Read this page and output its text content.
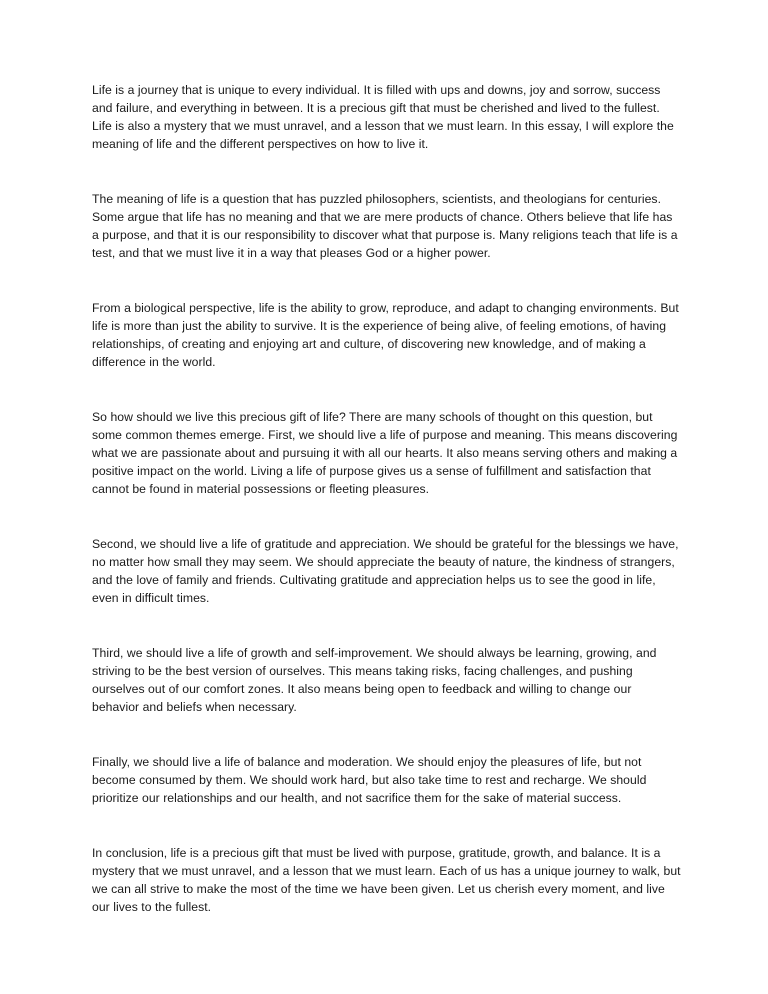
Life is a journey that is unique to every individual. It is filled with ups and downs, joy and sorrow, success and failure, and everything in between. It is a precious gift that must be cherished and lived to the fullest. Life is also a mystery that we must unravel, and a lesson that we must learn. In this essay, I will explore the meaning of life and the different perspectives on how to live it.

The meaning of life is a question that has puzzled philosophers, scientists, and theologians for centuries. Some argue that life has no meaning and that we are mere products of chance. Others believe that life has a purpose, and that it is our responsibility to discover what that purpose is. Many religions teach that life is a test, and that we must live it in a way that pleases God or a higher power.

From a biological perspective, life is the ability to grow, reproduce, and adapt to changing environments. But life is more than just the ability to survive. It is the experience of being alive, of feeling emotions, of having relationships, of creating and enjoying art and culture, of discovering new knowledge, and of making a difference in the world.

So how should we live this precious gift of life? There are many schools of thought on this question, but some common themes emerge. First, we should live a life of purpose and meaning. This means discovering what we are passionate about and pursuing it with all our hearts. It also means serving others and making a positive impact on the world. Living a life of purpose gives us a sense of fulfillment and satisfaction that cannot be found in material possessions or fleeting pleasures.

Second, we should live a life of gratitude and appreciation. We should be grateful for the blessings we have, no matter how small they may seem. We should appreciate the beauty of nature, the kindness of strangers, and the love of family and friends. Cultivating gratitude and appreciation helps us to see the good in life, even in difficult times.

Third, we should live a life of growth and self-improvement. We should always be learning, growing, and striving to be the best version of ourselves. This means taking risks, facing challenges, and pushing ourselves out of our comfort zones. It also means being open to feedback and willing to change our behavior and beliefs when necessary.

Finally, we should live a life of balance and moderation. We should enjoy the pleasures of life, but not become consumed by them. We should work hard, but also take time to rest and recharge. We should prioritize our relationships and our health, and not sacrifice them for the sake of material success.

In conclusion, life is a precious gift that must be lived with purpose, gratitude, growth, and balance. It is a mystery that we must unravel, and a lesson that we must learn. Each of us has a unique journey to walk, but we can all strive to make the most of the time we have been given. Let us cherish every moment, and live our lives to the fullest.
